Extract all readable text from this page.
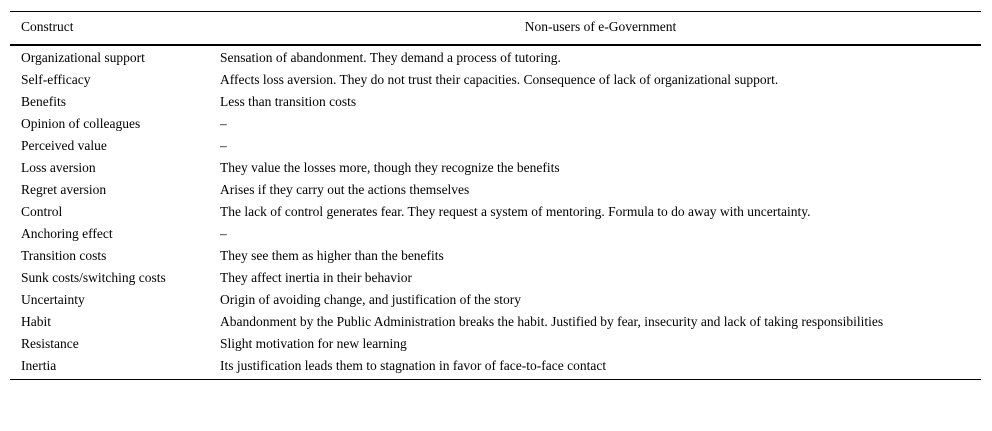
Construct	Non-users of e-Government
Organizational support	Sensation of abandonment. They demand a process of tutoring.
Self-efficacy	Affects loss aversion. They do not trust their capacities. Consequence of lack of organizational support.
Benefits	Less than transition costs
Opinion of colleagues	–
Perceived value	–
Loss aversion	They value the losses more, though they recognize the benefits
Regret aversion	Arises if they carry out the actions themselves
Control	The lack of control generates fear. They request a system of mentoring. Formula to do away with uncertainty.
Anchoring effect	–
Transition costs	They see them as higher than the benefits
Sunk costs/switching costs	They affect inertia in their behavior
Uncertainty	Origin of avoiding change, and justification of the story
Habit	Abandonment by the Public Administration breaks the habit. Justified by fear, insecurity and lack of taking responsibilities
Resistance	Slight motivation for new learning
Inertia	Its justification leads them to stagnation in favor of face-to-face contact
